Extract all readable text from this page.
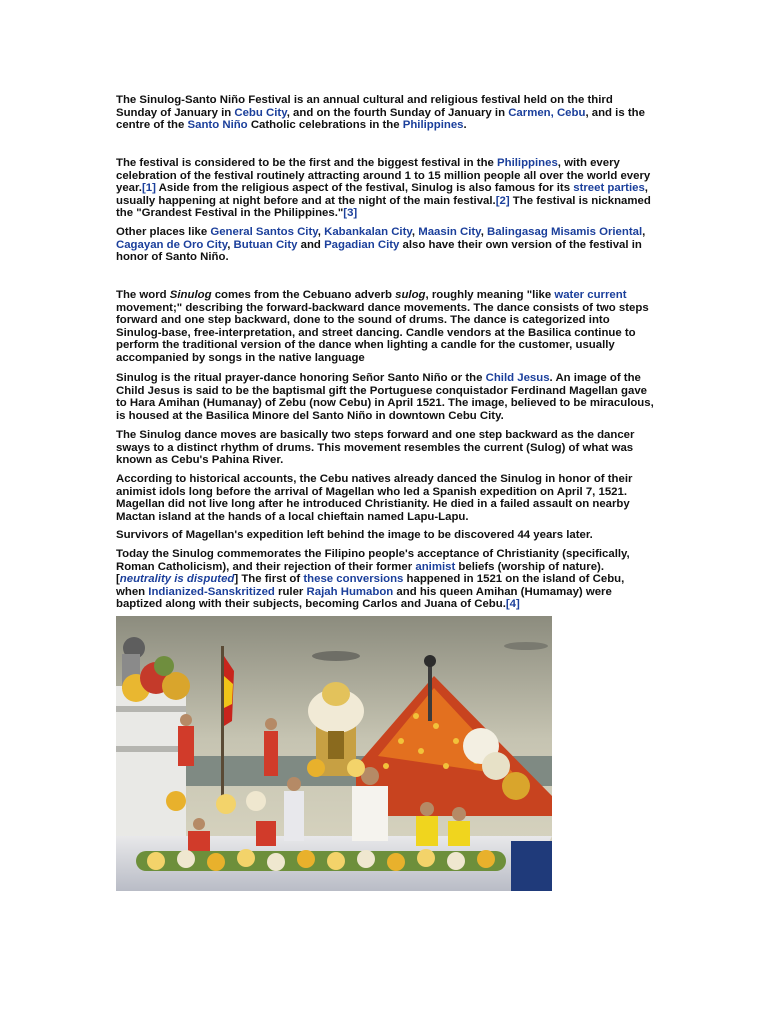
The Sinulog-Santo Niño Festival is an annual cultural and religious festival held on the third Sunday of January in Cebu City, and on the fourth Sunday of January in Carmen, Cebu, and is the centre of the Santo Niño Catholic celebrations in the Philippines.

The festival is considered to be the first and the biggest festival in the Philippines, with every celebration of the festival routinely attracting around 1 to 15 million people all over the world every year.[1] Aside from the religious aspect of the festival, Sinulog is also famous for its street parties, usually happening at night before and at the night of the main festival.[2] The festival is nicknamed the "Grandest Festival in the Philippines."[3]

Other places like General Santos City, Kabankalan City, Maasin City, Balingasag Misamis Oriental, Cagayan de Oro City, Butuan City and Pagadian City also have their own version of the festival in honor of Santo Niño.

The word Sinulog comes from the Cebuano adverb sulog, roughly meaning "like water current movement;" describing the forward-backward dance movements. The dance consists of two steps forward and one step backward, done to the sound of drums. The dance is categorized into Sinulog-base, free-interpretation, and street dancing. Candle vendors at the Basilica continue to perform the traditional version of the dance when lighting a candle for the customer, usually accompanied by songs in the native language

Sinulog is the ritual prayer-dance honoring Señor Santo Niño or the Child Jesus. An image of the Child Jesus is said to be the baptismal gift the Portuguese conquistador Ferdinand Magellan gave to Hara Amihan (Humanay) of Zebu (now Cebu) in April 1521. The image, believed to be miraculous, is housed at the Basilica Minore del Santo Niño in downtown Cebu City.

The Sinulog dance moves are basically two steps forward and one step backward as the dancer sways to a distinct rhythm of drums. This movement resembles the current (Sulog) of what was known as Cebu's Pahina River.

According to historical accounts, the Cebu natives already danced the Sinulog in honor of their animist idols long before the arrival of Magellan who led a Spanish expedition on April 7, 1521. Magellan did not live long after he introduced Christianity. He died in a failed assault on nearby Mactan island at the hands of a local chieftain named Lapu-Lapu.

Survivors of Magellan's expedition left behind the image to be discovered 44 years later.

Today the Sinulog commemorates the Filipino people's acceptance of Christianity (specifically, Roman Catholicism), and their rejection of their former animist beliefs (worship of nature). [neutrality is disputed] The first of these conversions happened in 1521 on the island of Cebu, when Indianized-Sanskritized ruler Rajah Humabon and his queen Amihan (Humamay) were baptized along with their subjects, becoming Carlos and Juana of Cebu.[4]
